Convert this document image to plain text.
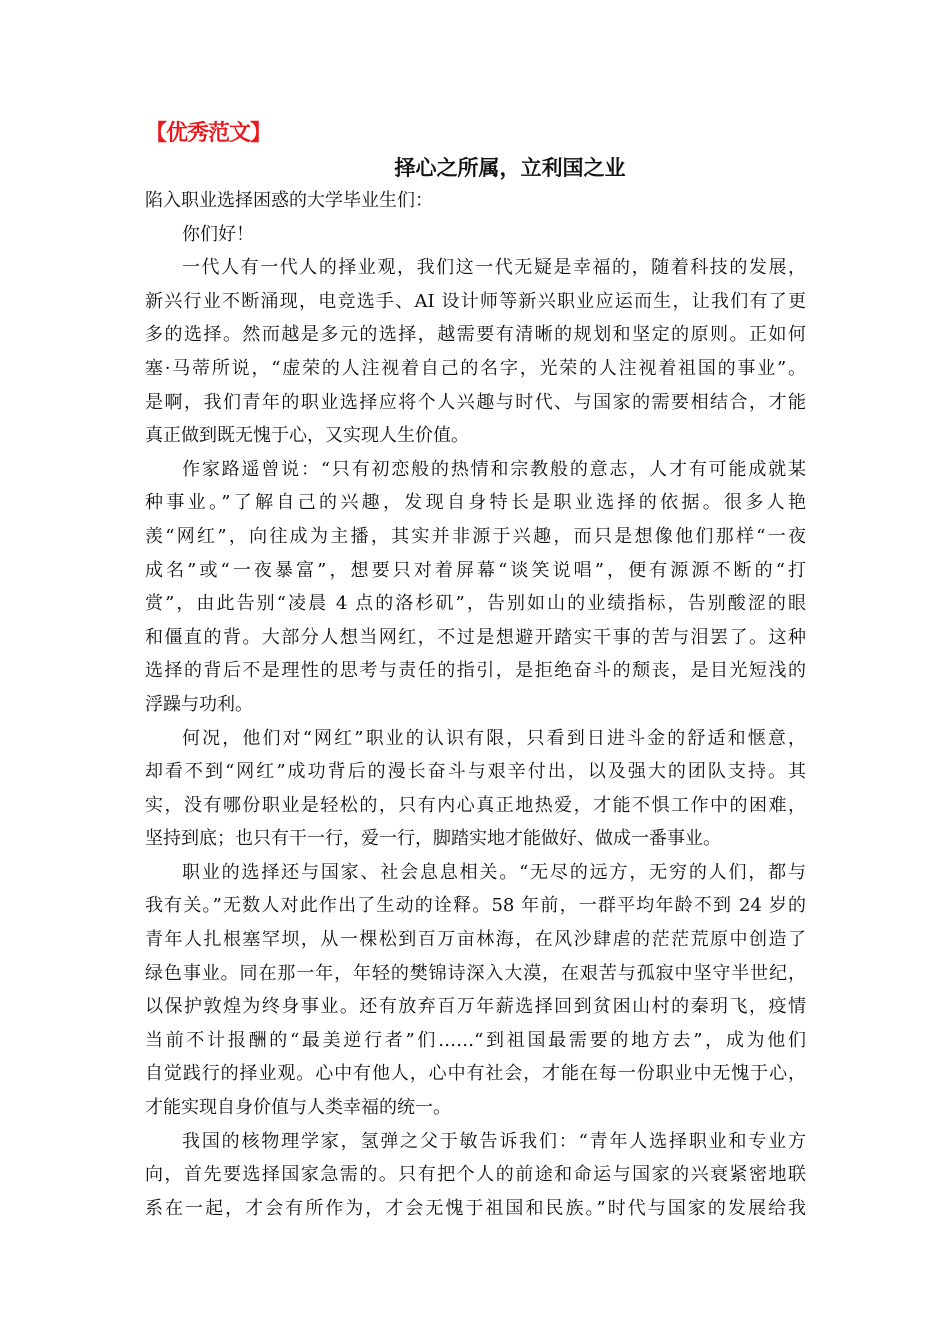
【优秀范文】
择心之所属，立利国之业
陷入职业选择困惑的大学毕业生们：
你们好！
一代人有一代人的择业观，我们这一代无疑是幸福的，随着科技的发展，
新兴行业不断涌现，电竞选手、AI 设计师等新兴职业应运而生，让我们有了更
多的选择。然而越是多元的选择，越需要有清晰的规划和坚定的原则。正如何
塞·马蒂所说，“虚荣的人注视着自己的名字，光荣的人注视着祖国的事业”。
是啊，我们青年的职业选择应将个人兴趣与时代、与国家的需要相结合，才能
真正做到既无愧于心，又实现人生价值。
作家路遥曾说：“只有初恋般的热情和宗教般的意志，人才有可能成就某
种事业。”了解自己的兴趣，发现自身特长是职业选择的依据。很多人艳
羡“网红”，向往成为主播，其实并非源于兴趣，而只是想像他们那样“一夜
成名”或“一夜暴富”，想要只对着屏幕“谈笑说唱”，便有源源不断的“打
赏”，由此告别“凌晨 4 点的洛杉矶”，告别如山的业绩指标，告别酸涩的眼
和僵直的背。大部分人想当网红，不过是想避开踏实干事的苦与泪罢了。这种
选择的背后不是理性的思考与责任的指引，是拒绝奋斗的颓丧，是目光短浅的
浮躁与功利。
何况，他们对“网红”职业的认识有限，只看到日进斗金的舒适和惬意，
却看不到“网红”成功背后的漫长奋斗与艰辛付出，以及强大的团队支持。其
实，没有哪份职业是轻松的，只有内心真正地热爱，才能不惧工作中的困难，
坚持到底；也只有干一行，爱一行，脚踏实地才能做好、做成一番事业。
职业的选择还与国家、社会息息相关。“无尽的远方，无穷的人们，都与
我有关。”无数人对此作出了生动的诠释。58 年前，一群平均年龄不到 24 岁的
青年人扎根塞罕坝，从一棵松到百万亩林海，在风沙肆虐的茫茫荒原中创造了
绿色事业。同在那一年，年轻的樊锦诗深入大漠，在艰苦与孤寂中坚守半世纪，
以保护敦煌为终身事业。还有放弃百万年薪选择回到贫困山村的秦玥飞，疫情
当前不计报酬的“最美逆行者”们……“到祖国最需要的地方去”，成为他们
自觉践行的择业观。心中有他人，心中有社会，才能在每一份职业中无愧于心，
才能实现自身价值与人类幸福的统一。
我国的核物理学家，氢弹之父于敏告诉我们：“青年人选择职业和专业方
向，首先要选择国家急需的。只有把个人的前途和命运与国家的兴衰紧密地联
系在一起，才会有所作为，才会无愧于祖国和民族。”时代与国家的发展给我
